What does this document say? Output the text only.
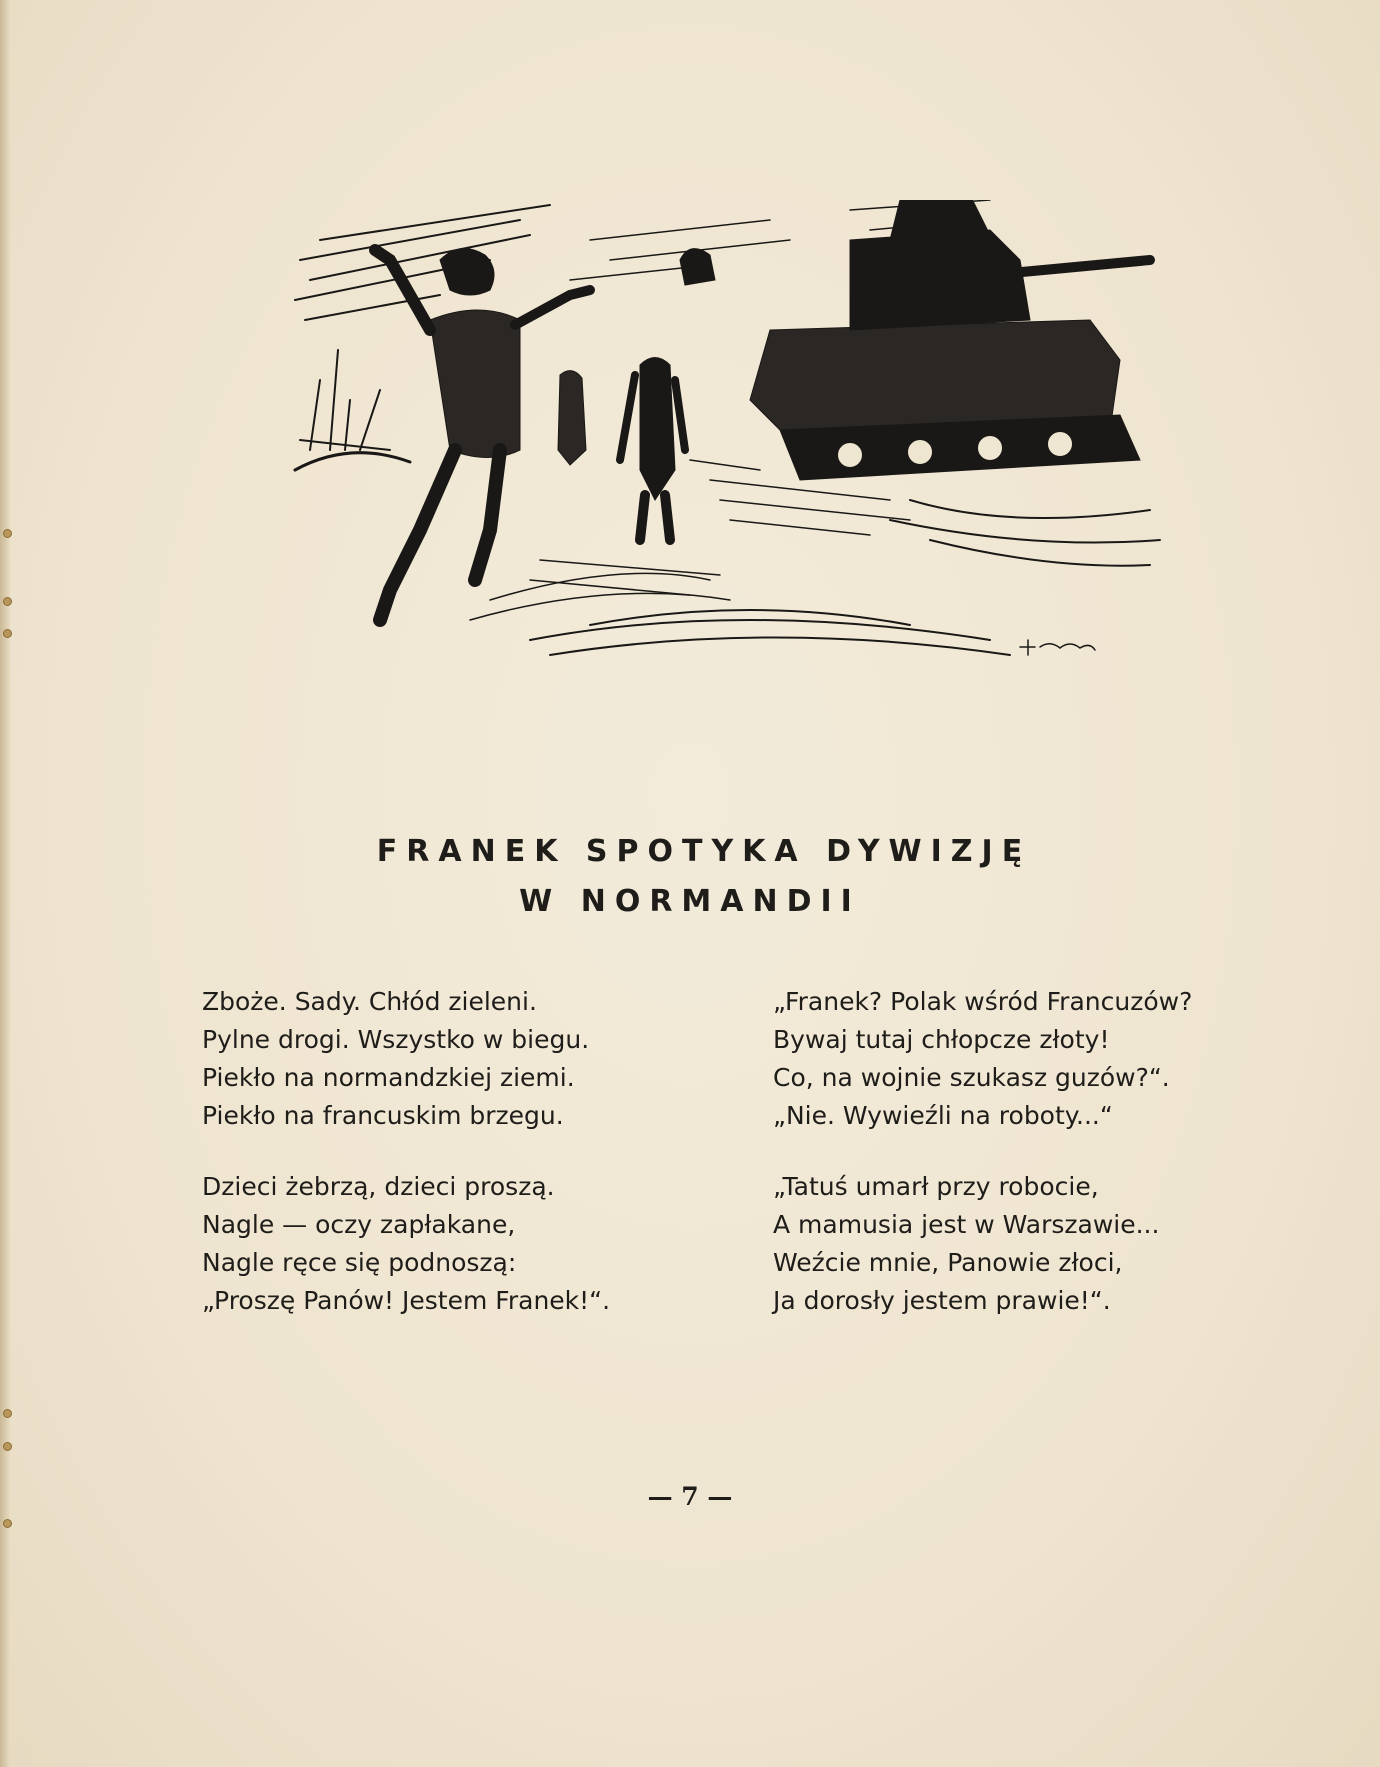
FRANEK SPOTYKA DYWIZJĘ
W NORMANDII
Zboże. Sady. Chłód zieleni.
Pylne drogi. Wszystko w biegu.
Piekło na normandzkiej ziemi.
Piekło na francuskim brzegu.
Dzieci żebrzą, dzieci proszą.
Nagle — oczy zapłakane,
Nagle ręce się podnoszą:
„Proszę Panów! Jestem Franek!“.
„Franek? Polak wśród Francuzów?
Bywaj tutaj chłopcze złoty!
Co, na wojnie szukasz guzów?“.
„Nie. Wywieźli na roboty...“
„Tatuś umarł przy robocie,
A mamusia jest w Warszawie...
Weźcie mnie, Panowie złoci,
Ja dorosły jestem prawie!“.
— 7 —
